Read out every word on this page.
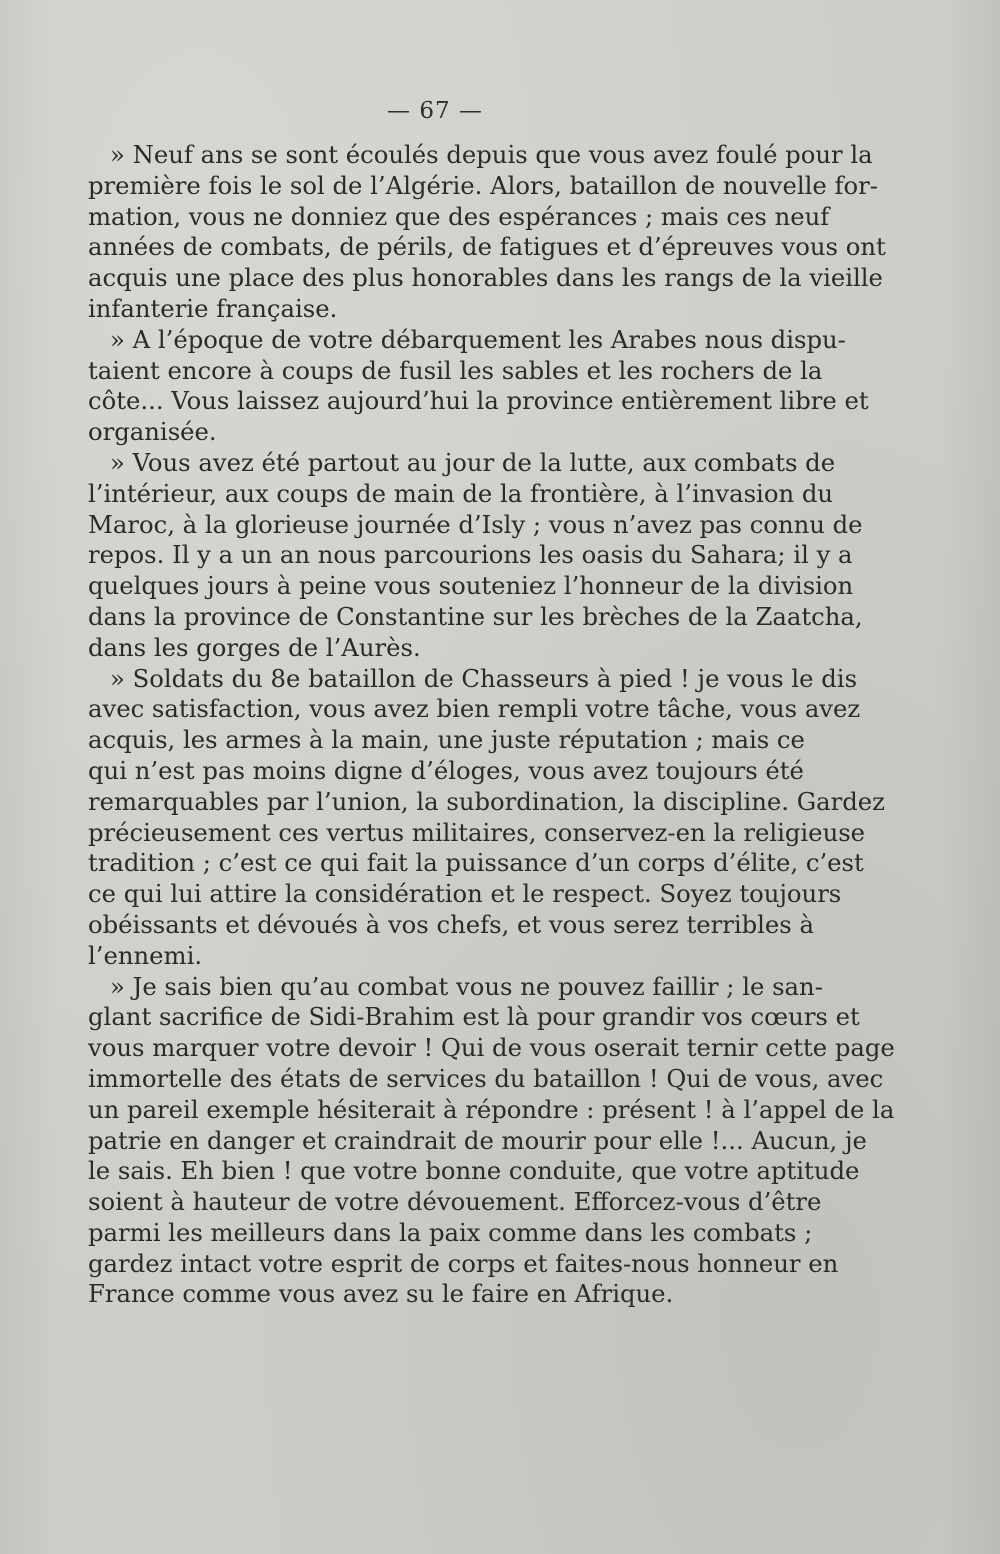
— 67 —
» Neuf ans se sont écoulés depuis que vous avez foulé pour la
première fois le sol de l’Algérie. Alors, bataillon de nouvelle for-
mation, vous ne donniez que des espérances ; mais ces neuf
années de combats, de périls, de fatigues et d’épreuves vous ont
acquis une place des plus honorables dans les rangs de la vieille
infanterie française.
» A l’époque de votre débarquement les Arabes nous dispu-
taient encore à coups de fusil les sables et les rochers de la
côte... Vous laissez aujourd’hui la province entièrement libre et
organisée.
» Vous avez été partout au jour de la lutte, aux combats de
l’intérieur, aux coups de main de la frontière, à l’invasion du
Maroc, à la glorieuse journée d’Isly ; vous n’avez pas connu de
repos. Il y a un an nous parcourions les oasis du Sahara; il y a
quelques jours à peine vous souteniez l’honneur de la division
dans la province de Constantine sur les brèches de la Zaatcha,
dans les gorges de l’Aurès.
» Soldats du 8e bataillon de Chasseurs à pied ! je vous le dis
avec satisfaction, vous avez bien rempli votre tâche, vous avez
acquis, les armes à la main, une juste réputation ; mais ce
qui n’est pas moins digne d’éloges, vous avez toujours été
remarquables par l’union, la subordination, la discipline. Gardez
précieusement ces vertus militaires, conservez-en la religieuse
tradition ; c’est ce qui fait la puissance d’un corps d’élite, c’est
ce qui lui attire la considération et le respect. Soyez toujours
obéissants et dévoués à vos chefs, et vous serez terribles à
l’ennemi.
» Je sais bien qu’au combat vous ne pouvez faillir ; le san-
glant sacrifice de Sidi-Brahim est là pour grandir vos cœurs et
vous marquer votre devoir ! Qui de vous oserait ternir cette page
immortelle des états de services du bataillon ! Qui de vous, avec
un pareil exemple hésiterait à répondre : présent ! à l’appel de la
patrie en danger et craindrait de mourir pour elle !... Aucun, je
le sais. Eh bien ! que votre bonne conduite, que votre aptitude
soient à hauteur de votre dévouement. Efforcez-vous d’être
parmi les meilleurs dans la paix comme dans les combats ;
gardez intact votre esprit de corps et faites-nous honneur en
France comme vous avez su le faire en Afrique.
